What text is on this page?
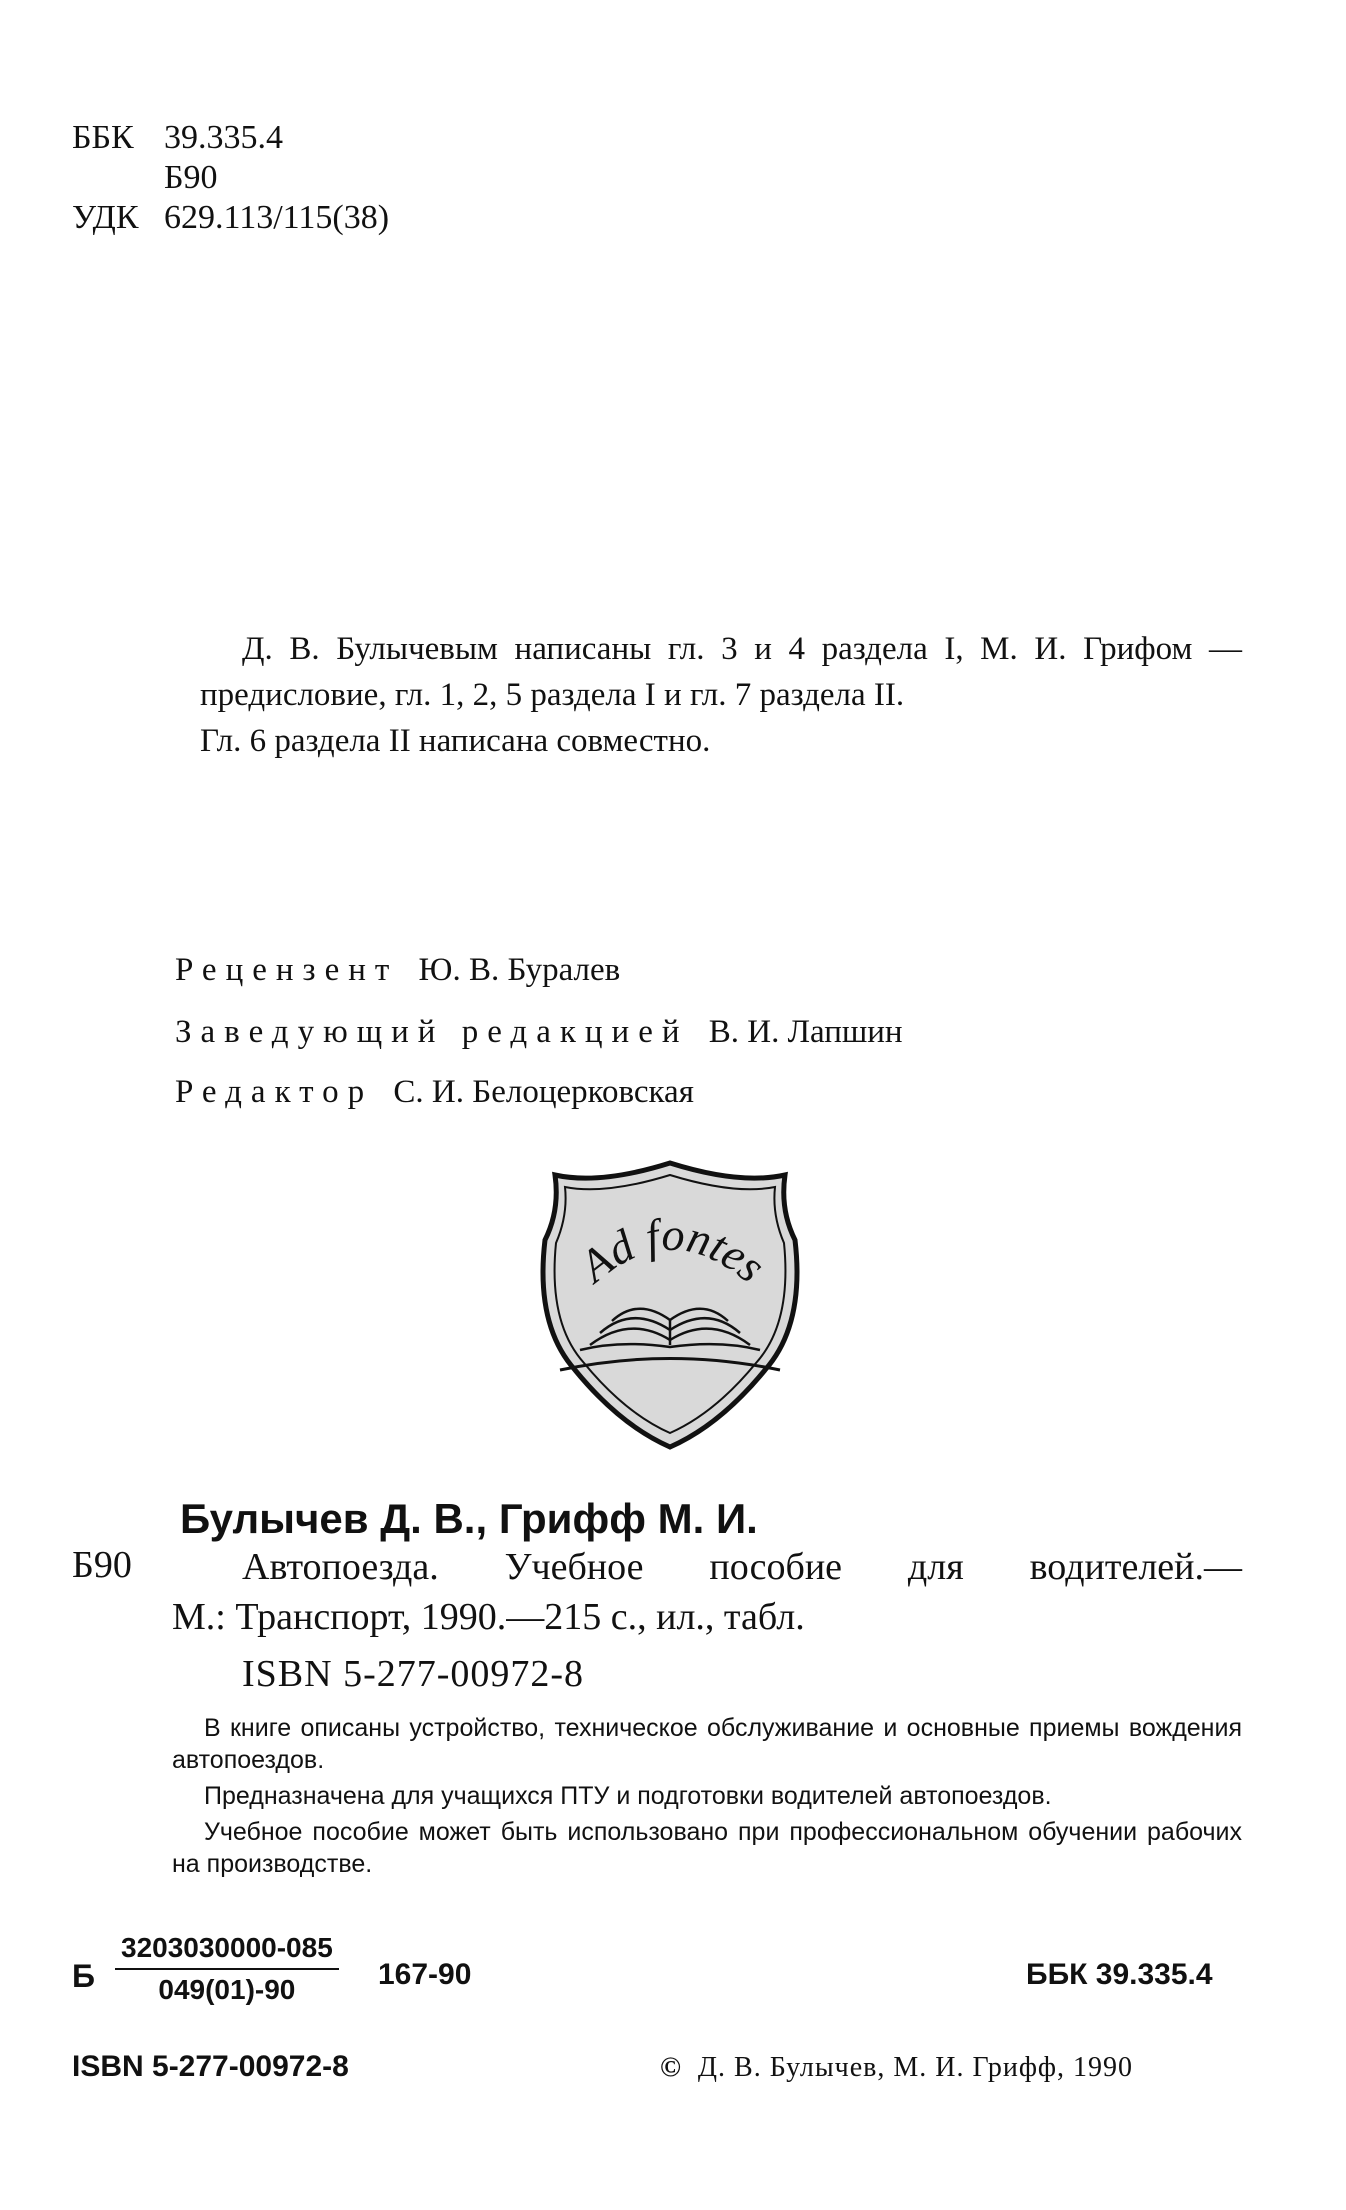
ББК 39.335.4
Б90
УДК 629.113/115(38)

Д. В. Булычевым написаны гл. 3 и 4 раздела I, М. И. Грифом — предисловие, гл. 1, 2, 5 раздела I и гл. 7 раздела II.

Гл. 6 раздела II написана совместно.

Рецензент Ю. В. Буралев
Заведующий редакцией В. И. Лапшин
Редактор С. И. Белоцерковская
Ad fontes
Булычев Д. В., Грифф М. И.
Б90	Автопоезда. Учебное пособие для водителей.—
М.: Транспорт, 1990.—215 с., ил., табл.
ISBN 5-277-00972-8

В книге описаны устройство, техническое обслуживание и основные приемы вождения автопоездов.

Предназначена для учащихся ПТУ и подготовки водителей автопоездов.

Учебное пособие может быть использовано при профессиональном обучении рабочих на производстве.

Б $\frac{3203030000-085}{049(01)-90} 167-90$	ББК 39.335.4
ISBN 5-277-00972-8	© Д. В. Булычев, М. И. Грифф, 1990
